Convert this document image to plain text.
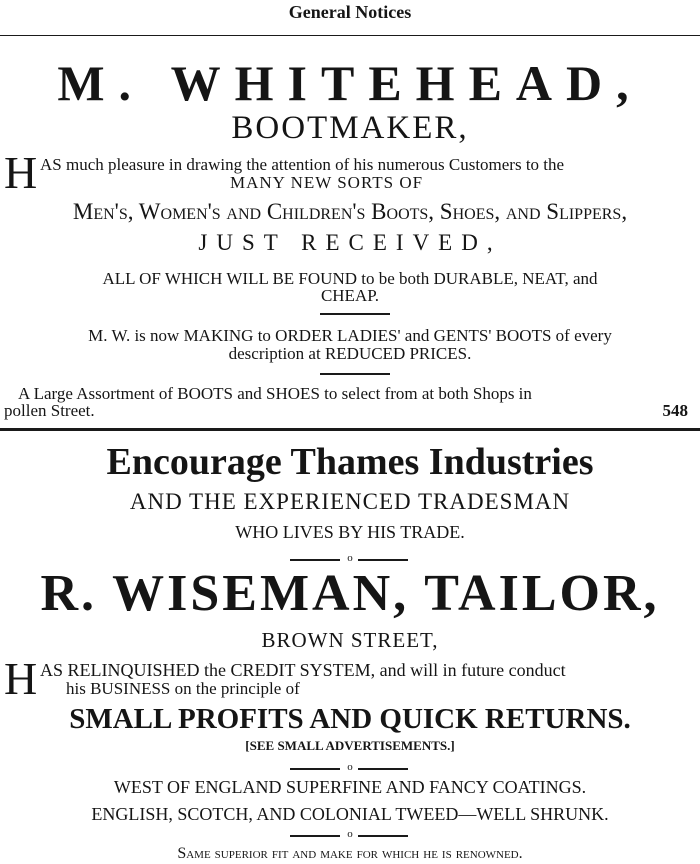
General Notices
M. WHITEHEAD,
BOOTMAKER,
H AS much pleasure in drawing the attention of his numerous Customers to the
MANY NEW SORTS OF
Men's, Women's and Children's Boots, Shoes, and Slippers,
JUST RECEIVED,
ALL OF WHICH WILL BE FOUND to be both DURABLE, NEAT, and
CHEAP.
M. W. is now MAKING to ORDER LADIES' and GENTS' BOOTS of every
description at REDUCED PRICES.
A Large Assortment of BOOTS and SHOES to select from at both Shops in
pollen Street.	548
Encourage Thames Industries
AND THE EXPERIENCED TRADESMAN
WHO LIVES BY HIS TRADE.
o
R. WISEMAN, TAILOR,
BROWN STREET,
H AS RELINQUISHED the CREDIT SYSTEM, and will in future conduct
his BUSINESS on the principle of
SMALL PROFITS AND QUICK RETURNS.
[SEE SMALL ADVERTISEMENTS.]
o
WEST OF ENGLAND SUPERFINE AND FANCY COATINGS.
ENGLISH, SCOTCH, AND COLONIAL TWEED—WELL SHRUNK.
o
Same superior fit and make for which he is renowned.
